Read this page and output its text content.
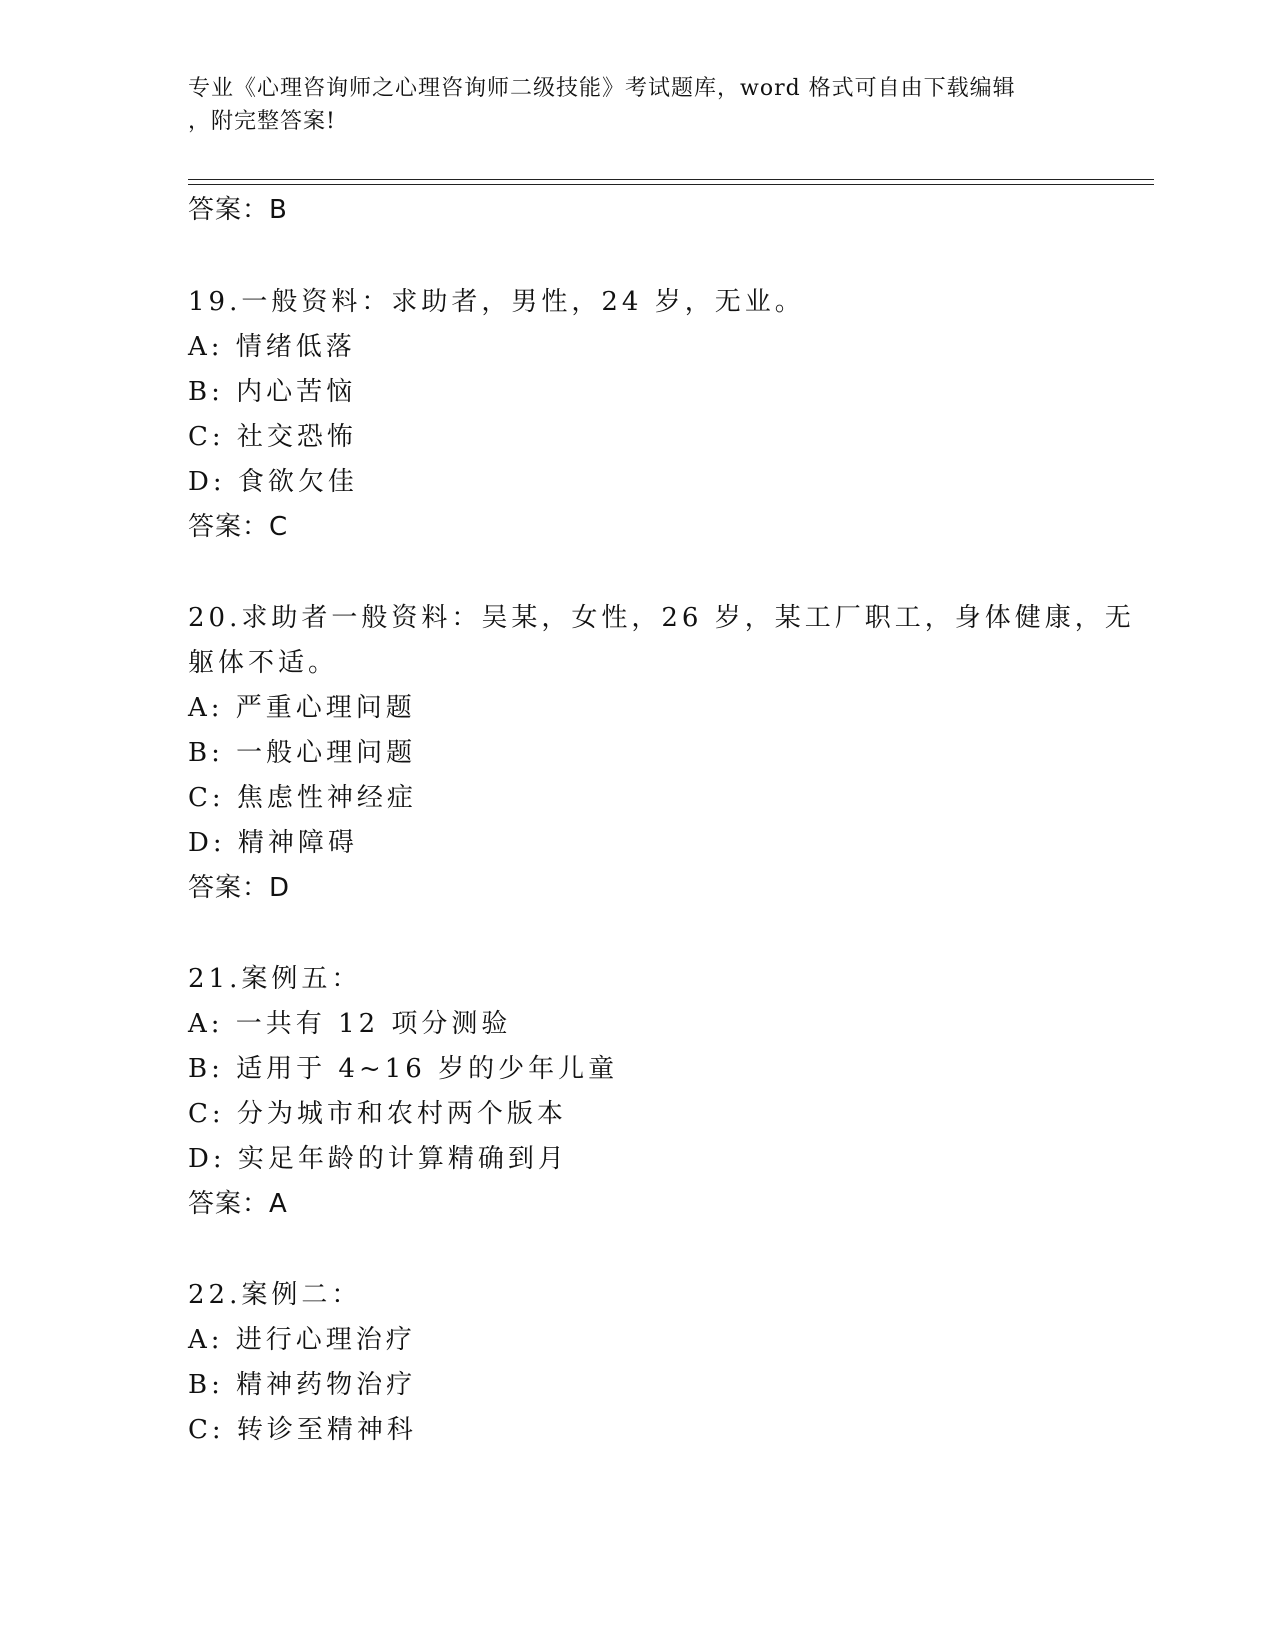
专业《心理咨询师之心理咨询师二级技能》考试题库，word 格式可自由下载编辑
，附完整答案!
答案：B
19.一般资料：求助者，男性，24 岁，无业。
A: 情绪低落
B: 内心苦恼
C: 社交恐怖
D: 食欲欠佳
答案：C
20.求助者一般资料：吴某，女性，26 岁，某工厂职工，身体健康，无
躯体不适。
A: 严重心理问题
B: 一般心理问题
C: 焦虑性神经症
D: 精神障碍
答案：D
21.案例五：
A: 一共有 12 项分测验
B: 适用于 4~16 岁的少年儿童
C: 分为城市和农村两个版本
D: 实足年龄的计算精确到月
答案：A
22.案例二：
A: 进行心理治疗
B: 精神药物治疗
C: 转诊至精神科
